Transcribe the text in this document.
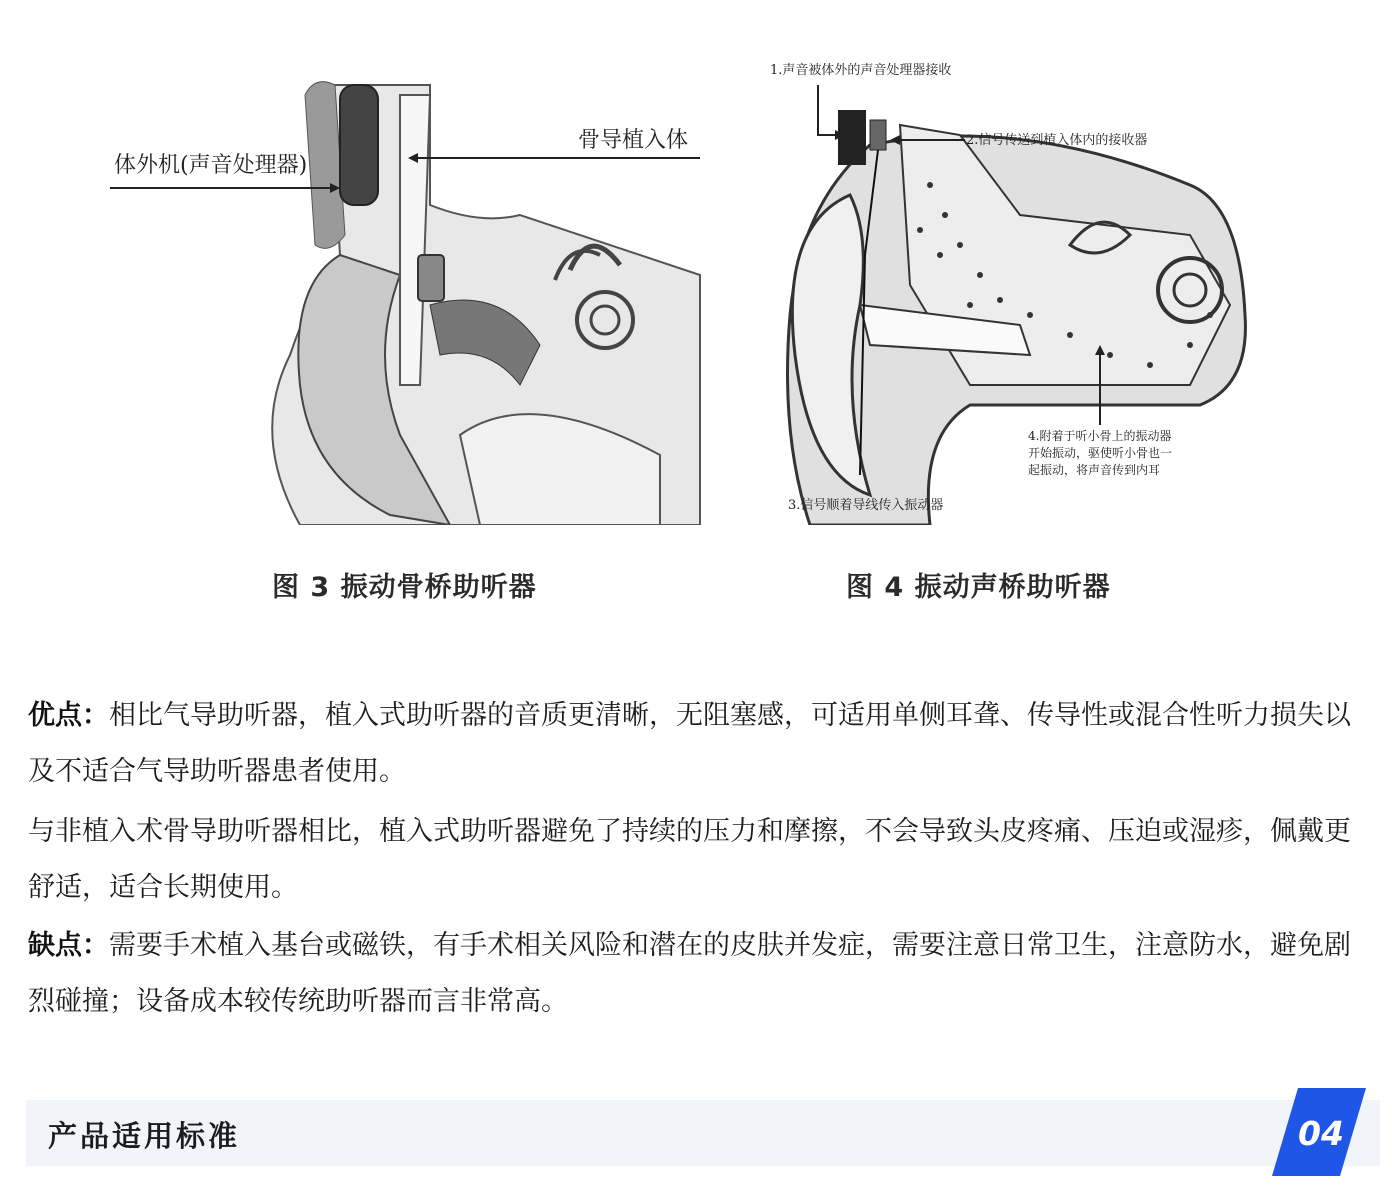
体外机(声音处理器)
骨导植入体
1.声音被体外的声音处理器接收
2.信号传送到植入体内的接收器
4.附着于听小骨上的振动器
开始振动，驱使听小骨也一
起振动，将声音传到内耳
3.信号顺着导线传入振动器
图 3 振动骨桥助听器	图 4 振动声桥助听器

优点：相比气导助听器，植入式助听器的音质更清晰，无阻塞感，可适用单侧耳聋、传导性或混合性听力损失以及不适合气导助听器患者使用。

与非植入术骨导助听器相比，植入式助听器避免了持续的压力和摩擦，不会导致头皮疼痛、压迫或湿疹，佩戴更舒适，适合长期使用。

缺点：需要手术植入基台或磁铁，有手术相关风险和潜在的皮肤并发症，需要注意日常卫生，注意防水，避免剧烈碰撞；设备成本较传统助听器而言非常高。

产品适用标准	04
